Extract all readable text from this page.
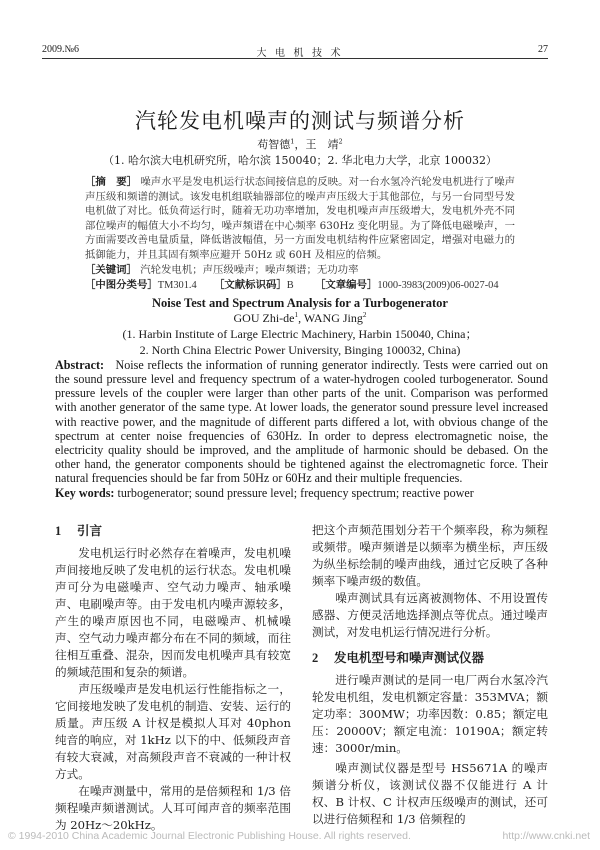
2009.№6	大 电 机 技 术	27
汽轮发电机噪声的测试与频谱分析
苟智德$^1$，王　靖$^2$
（1. 哈尔滨大电机研究所，哈尔滨 150040；2. 华北电力大学，北京 100032）
［摘　要］ 噪声水平是发电机运行状态间接信息的反映。对一台水氢冷汽轮发电机进行了噪声声压级和频谱的测试。该发电机组联轴器部位的噪声声压级大于其他部位，与另一台同型号发电机做了对比。低负荷运行时，随着无功功率增加，发电机噪声声压级增大，发电机外壳不同部位噪声的幅值大小不均匀，噪声频谱在中心频率 630Hz 变化明显。为了降低电磁噪声，一方面需要改善电量质量，降低谐波幅值，另一方面发电机结构件应紧密固定，增强对电磁力的抵御能力，并且其固有频率应避开 50Hz 或 60H 及相应的倍频。
［关键词］ 汽轮发电机；声压级噪声；噪声频谱；无功功率
［中图分类号］TM301.4 ［文献标识码］B ［文章编号］1000-3983(2009)06-0027-04
Noise Test and Spectrum Analysis for a Turbogenerator
GOU Zhi-$de^1$, WANG Jing$^2$
(1. Harbin Institute of Large Electric Machinery, Harbin 150040, China；
2. North China Electric Power University, Binging 100032, China)
Abstract: Noise reflects the information of running generator indirectly. Tests were carried out on the sound pressure level and frequency spectrum of a water-hydrogen cooled turbogenerator. Sound pressure levels of the coupler were larger than other parts of the unit. Comparison was performed with another generator of the same type. At lower loads, the generator sound pressure level increased with reactive power, and the magnitude of different parts differed a lot, with obvious change of the spectrum at center noise frequencies of 630Hz. In order to depress electromagnetic noise, the electricity quality should be improved, and the amplitude of harmonic should be debased. On the other hand, the generator components should be tightened against the electromagnetic force. Their natural frequencies should be far from 50Hz or 60Hz and their multiple frequencies.
Key words: turbogenerator; sound pressure level; frequency spectrum; reactive power
1 引言

发电机运行时必然存在着噪声，发电机噪声间接地反映了发电机的运行状态。发电机噪声可分为电磁噪声、空气动力噪声、轴承噪声、电刷噪声等。由于发电机内噪声源较多，产生的噪声原因也不同，电磁噪声、机械噪声、空气动力噪声都分布在不同的频域，而往往相互重叠、混杂，因而发电机噪声具有较宽的频域范围和复杂的频谱。

声压级噪声是发电机运行性能指标之一，它间接地发映了发电机的制造、安装、运行的质量。声压级 A 计权是模拟人耳对 40phon 纯音的响应，对 1kHz 以下的中、低频段声音有较大衰减，对高频段声音不衰减的一种计权方式。

在噪声测量中，常用的是倍频程和 1/3 倍频程噪声频谱测试。人耳可闻声音的频率范围为 20Hz～20kHz。

把这个声频范围划分若干个频率段，称为频程或频带。噪声频谱是以频率为横坐标，声压级为纵坐标绘制的噪声曲线，通过它反映了各种频率下噪声级的数值。

噪声测试具有远离被测物体、不用设置传感器、方便灵活地选择测点等优点。通过噪声测试，对发电机运行情况进行分析。

2 发电机型号和噪声测试仪器

进行噪声测试的是同一电厂两台水氢冷汽轮发电机组，发电机额定容量：353MVA；额定功率：300MW；功率因数：0.85；额定电压：20000V；额定电流：10190A；额定转速：3000r/min。

噪声测试仪器是型号 HS5671A 的噪声频谱分析仪，该测试仪器不仅能进行 A 计权、B 计权、C 计权声压级噪声的测试，还可以进行倍频程和 1/3 倍频程的

© 1994-2010 China Academic Journal Electronic Publishing House. All rights reserved.	http://www.cnki.net
